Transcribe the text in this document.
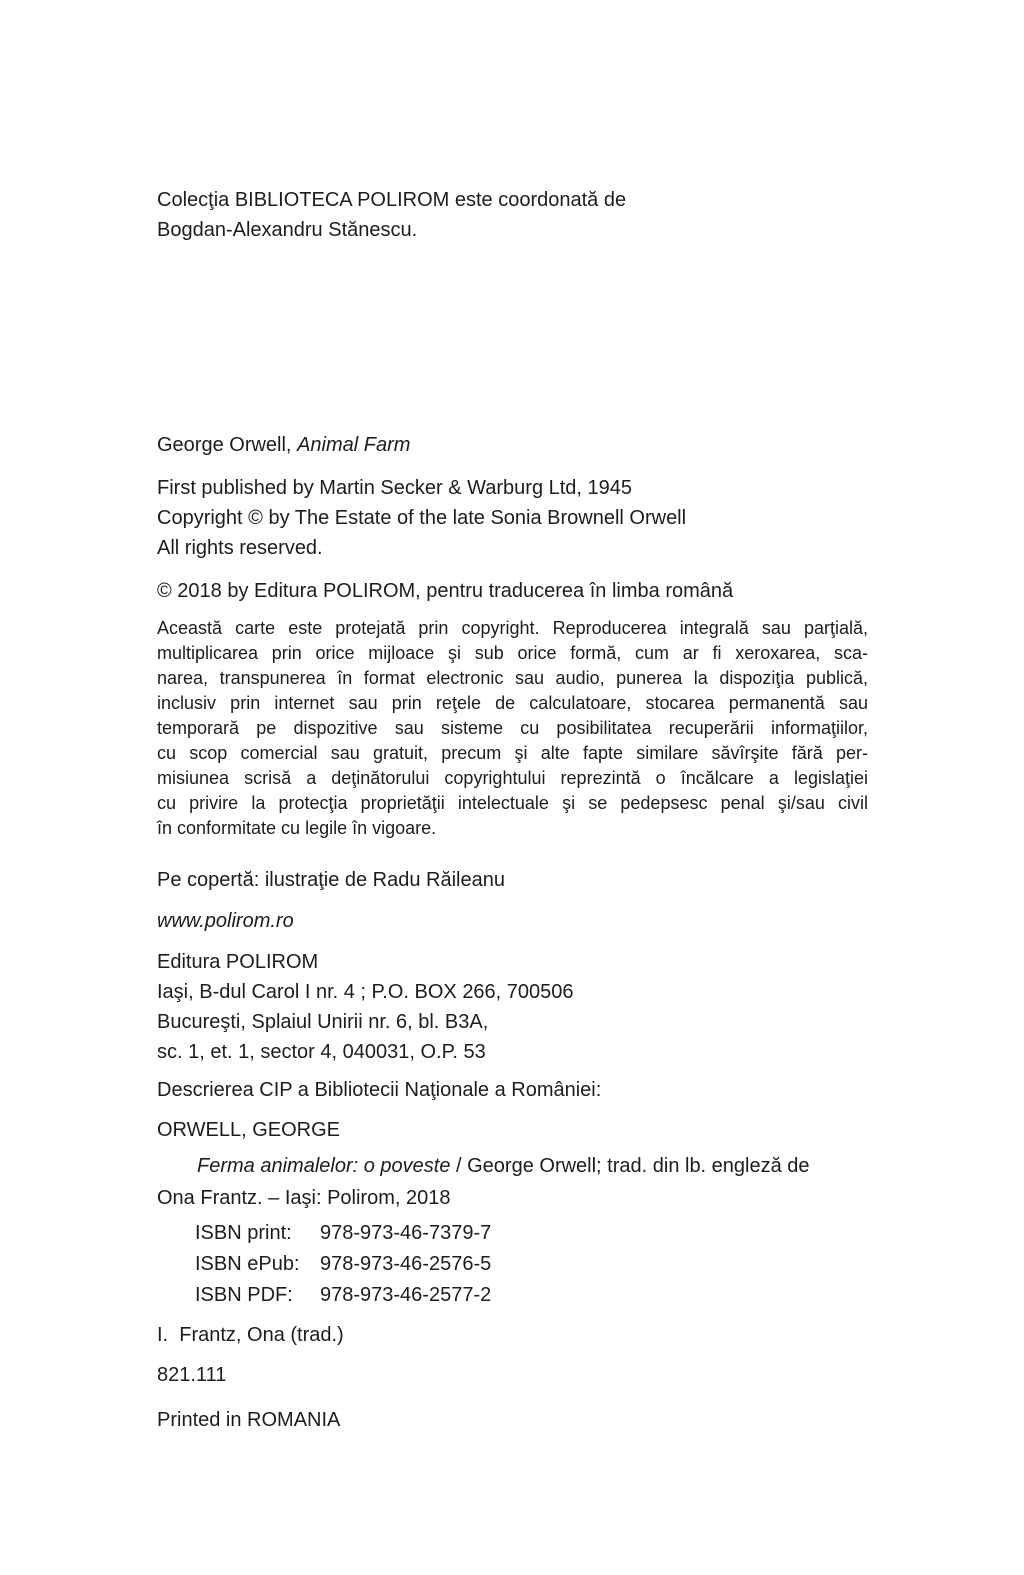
Colecţia BIBLIOTECA POLIROM este coordonată de
Bogdan-Alexandru Stănescu.
George Orwell, Animal Farm
First published by Martin Secker & Warburg Ltd, 1945
Copyright © by The Estate of the late Sonia Brownell Orwell
All rights reserved.
© 2018 by Editura POLIROM, pentru traducerea în limba română
Această carte este protejată prin copyright. Reproducerea integrală sau parţială,
multiplicarea prin orice mijloace şi sub orice formă, cum ar fi xeroxarea, sca-
narea, transpunerea în format electronic sau audio, punerea la dispoziţia publică,
inclusiv prin internet sau prin reţele de calculatoare, stocarea permanentă sau
temporară pe dispozitive sau sisteme cu posibilitatea recuperării informaţiilor,
cu scop comercial sau gratuit, precum şi alte fapte similare săvîrşite fără per-
misiunea scrisă a deţinătorului copyrightului reprezintă o încălcare a legislaţiei
cu privire la protecţia proprietăţii intelectuale şi se pedepsesc penal şi/sau civil
în conformitate cu legile în vigoare.
Pe copertă: ilustraţie de Radu Răileanu
www.polirom.ro
Editura POLIROM
Iaşi, B-dul Carol I nr. 4 ; P.O. BOX 266, 700506
Bucureşti, Splaiul Unirii nr. 6, bl. B3A,
sc. 1, et. 1, sector 4, 040031, O.P. 53
Descrierea CIP a Bibliotecii Naţionale a României:
ORWELL, GEORGE
Ferma animalelor: o poveste / George Orwell; trad. din lb. engleză de
Ona Frantz. – Iaşi: Polirom, 2018
ISBN print:	978-973-46-7379-7
ISBN ePub:	978-973-46-2576-5
ISBN PDF:	978-973-46-2577-2
I.  Frantz, Ona (trad.)
821.111
Printed in ROMANIA
